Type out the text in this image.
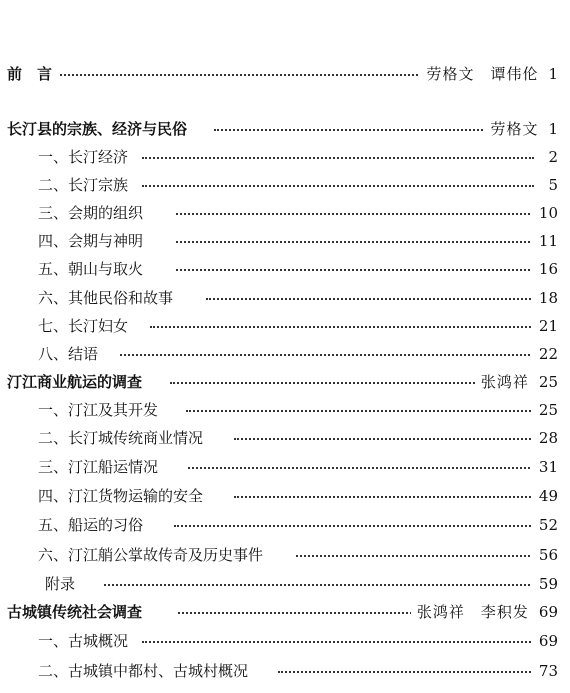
前　言	劳格文　谭伟伦 1
长汀县的宗族、经济与民俗	劳格文 1
一、长汀经济	2
二、长汀宗族	5
三、会期的组织	10
四、会期与神明	11
五、朝山与取火	16
六、其他民俗和故事	18
七、长汀妇女	21
八、结语	22
汀江商业航运的调查	张鸿祥 25
一、汀江及其开发	25
二、长汀城传统商业情况	28
三、汀江船运情况	31
四、汀江货物运输的安全	49
五、船运的习俗	52
六、汀江艄公掌故传奇及历史事件	56
附录	59
古城镇传统社会调查	张鸿祥　李积发 69
一、古城概况	69
二、古城镇中都村、古城村概况	73
